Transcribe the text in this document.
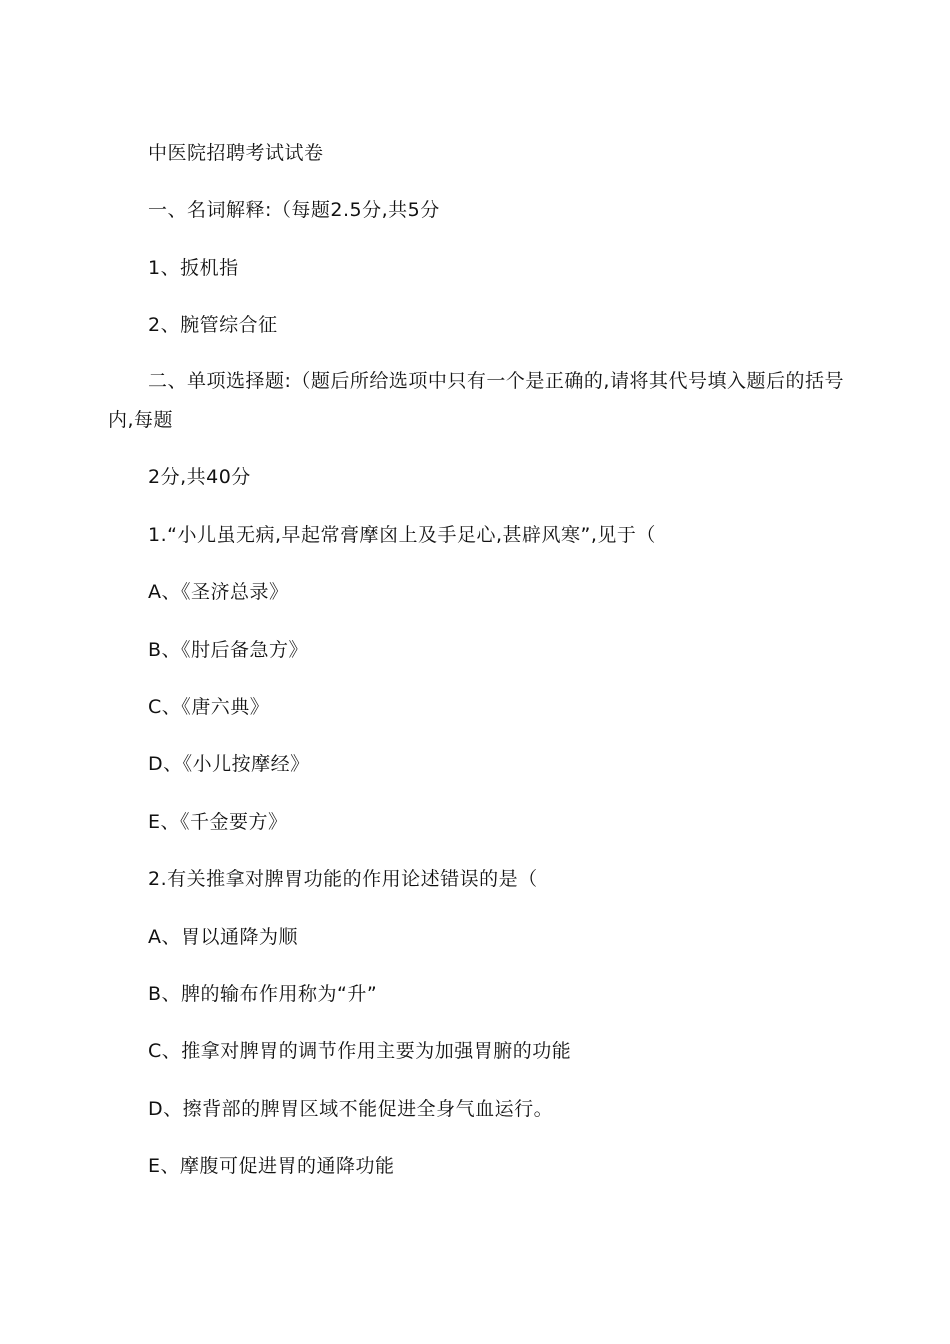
中医院招聘考试试卷
一、名词解释:（每题2.5分,共5分
1、扳机指
2、腕管综合征
二、单项选择题:（题后所给选项中只有一个是正确的,请将其代号填入题后的括号内,每题
2分,共40分
1.“小儿虽无病,早起常膏摩囟上及手足心,甚辟风寒”,见于（
A、《圣济总录》
B、《肘后备急方》
C、《唐六典》
D、《小儿按摩经》
E、《千金要方》
2.有关推拿对脾胃功能的作用论述错误的是（
A、胃以通降为顺
B、脾的输布作用称为“升”
C、推拿对脾胃的调节作用主要为加强胃腑的功能
D、擦背部的脾胃区域不能促进全身气血运行。
E、摩腹可促进胃的通降功能
